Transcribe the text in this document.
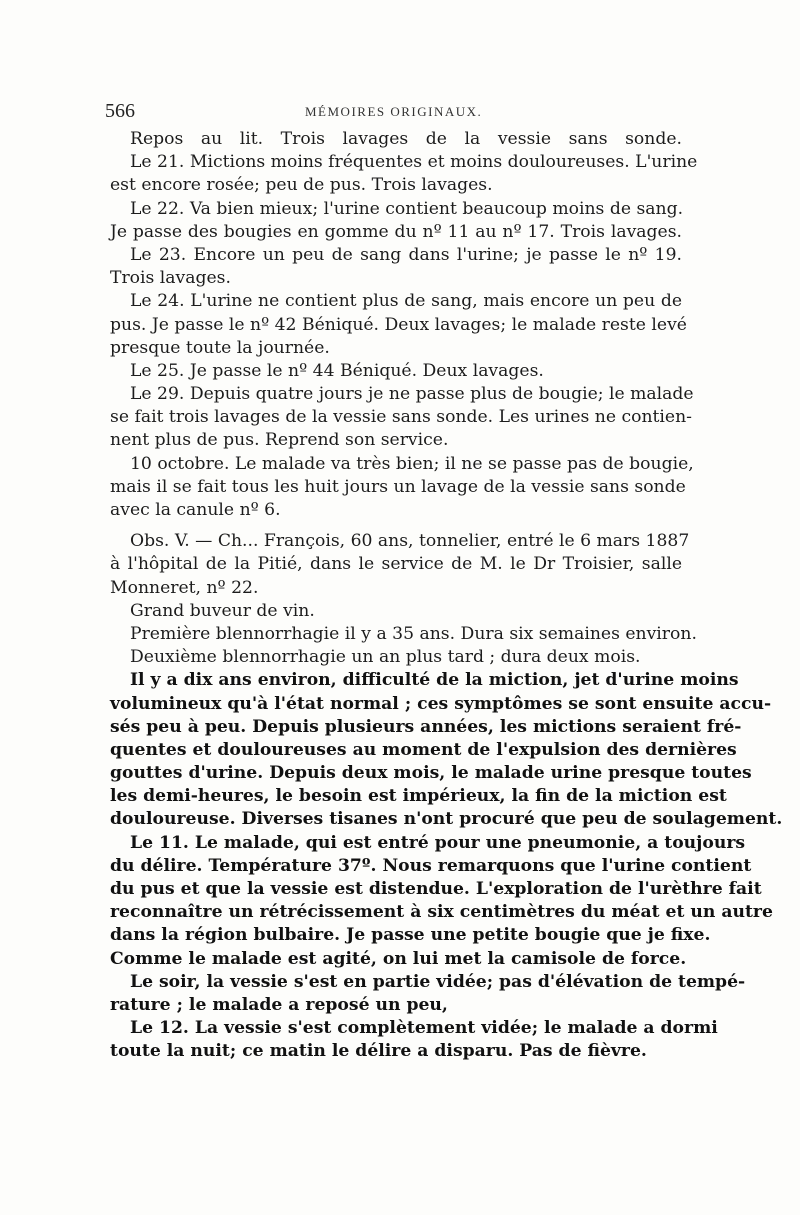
566	MÉMOIRES ORIGINAUX.
Repos au lit. Trois lavages de la vessie sans sonde.
Le 21. Mictions moins fréquentes et moins douloureuses. L'urine
est encore rosée; peu de pus. Trois lavages.
Le 22. Va bien mieux; l'urine contient beaucoup moins de sang.
Je passe des bougies en gomme du nº 11 au nº 17. Trois lavages.
Le 23. Encore un peu de sang dans l'urine; je passe le nº 19.
Trois lavages.
Le 24. L'urine ne contient plus de sang, mais encore un peu de
pus. Je passe le nº 42 Béniqué. Deux lavages; le malade reste levé
presque toute la journée.
Le 25. Je passe le nº 44 Béniqué. Deux lavages.
Le 29. Depuis quatre jours je ne passe plus de bougie; le malade
se fait trois lavages de la vessie sans sonde. Les urines ne contien-
nent plus de pus. Reprend son service.
10 octobre. Le malade va très bien; il ne se passe pas de bougie,
mais il se fait tous les huit jours un lavage de la vessie sans sonde
avec la canule nº 6.
Obs. V. — Ch... François, 60 ans, tonnelier, entré le 6 mars 1887
à l'hôpital de la Pitié, dans le service de M. le Dr Troisier, salle
Monneret, nº 22.
Grand buveur de vin.
Première blennorrhagie il y a 35 ans. Dura six semaines environ.
Deuxième blennorrhagie un an plus tard ; dura deux mois.
Il y a dix ans environ, difficulté de la miction, jet d'urine moins
volumineux qu'à l'état normal ; ces symptômes se sont ensuite accu-
sés peu à peu. Depuis plusieurs années, les mictions seraient fré-
quentes et douloureuses au moment de l'expulsion des dernières
gouttes d'urine. Depuis deux mois, le malade urine presque toutes
les demi-heures, le besoin est impérieux, la fin de la miction est
douloureuse. Diverses tisanes n'ont procuré que peu de soulagement.
Le 11. Le malade, qui est entré pour une pneumonie, a toujours
du délire. Température 37º. Nous remarquons que l'urine contient
du pus et que la vessie est distendue. L'exploration de l'urèthre fait
reconnaître un rétrécissement à six centimètres du méat et un autre
dans la région bulbaire. Je passe une petite bougie que je fixe.
Comme le malade est agité, on lui met la camisole de force.
Le soir, la vessie s'est en partie vidée; pas d'élévation de tempé-
rature ; le malade a reposé un peu,
Le 12. La vessie s'est complètement vidée; le malade a dormi
toute la nuit; ce matin le délire a disparu. Pas de fièvre.
